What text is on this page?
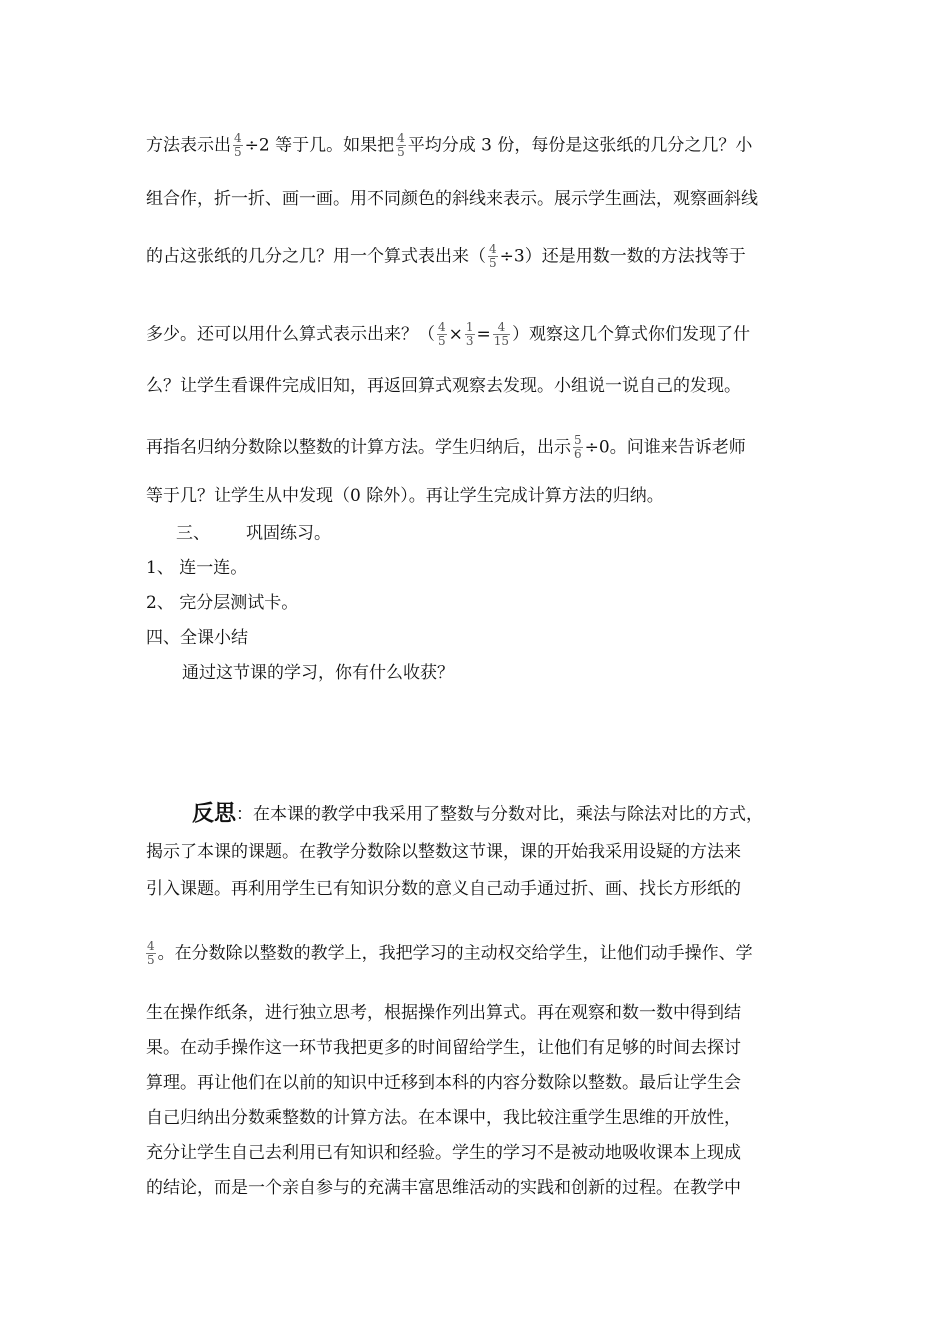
方法表示出 $\frac{4}{5} \div 2$ 等于几。如果把 $\frac{4}{5}$ 平均分成 3 份，每份是这张纸的几分之几？小
组合作，折一折、画一画。用不同颜色的斜线来表示。展示学生画法，观察画斜线
的占这张纸的几分之几？用一个算式表出来（ $\frac{4}{5} \div 3$）还是用数一数的方法找等于
多少。还可以用什么算式表示出来？（ $\frac{4}{5} \times \frac{1}{3} = \frac{4}{15}$ ）观察这几个算式你们发现了什
么？让学生看课件完成旧知，再返回算式观察去发现。小组说一说自己的发现。
再指名归纳分数除以整数的计算方法。学生归纳后，出示 $\frac{5}{6} \div 0$。问谁来告诉老师
等于几？让学生从中发现（0 除外）。再让学生完成计算方法的归纳。
三、 巩固练习。
1、 连一连。
2、 完分层测试卡。
四、全课小结
通过这节课的学习，你有什么收获？
反思：在本课的教学中我采用了整数与分数对比，乘法与除法对比的方式，
揭示了本课的课题。在教学分数除以整数这节课，课的开始我采用设疑的方法来
引入课题。再利用学生已有知识分数的意义自己动手通过折、画、找长方形纸的
$\frac{4}{5}$ 。在分数除以整数的教学上，我把学习的主动权交给学生，让他们动手操作、学
生在操作纸条，进行独立思考，根据操作列出算式。再在观察和数一数中得到结
果。在动手操作这一环节我把更多的时间留给学生，让他们有足够的时间去探讨
算理。再让他们在以前的知识中迁移到本科的内容分数除以整数。最后让学生会
自己归纳出分数乘整数的计算方法。在本课中，我比较注重学生思维的开放性，
充分让学生自己去利用已有知识和经验。学生的学习不是被动地吸收课本上现成
的结论，而是一个亲自参与的充满丰富思维活动的实践和创新的过程。在教学中
